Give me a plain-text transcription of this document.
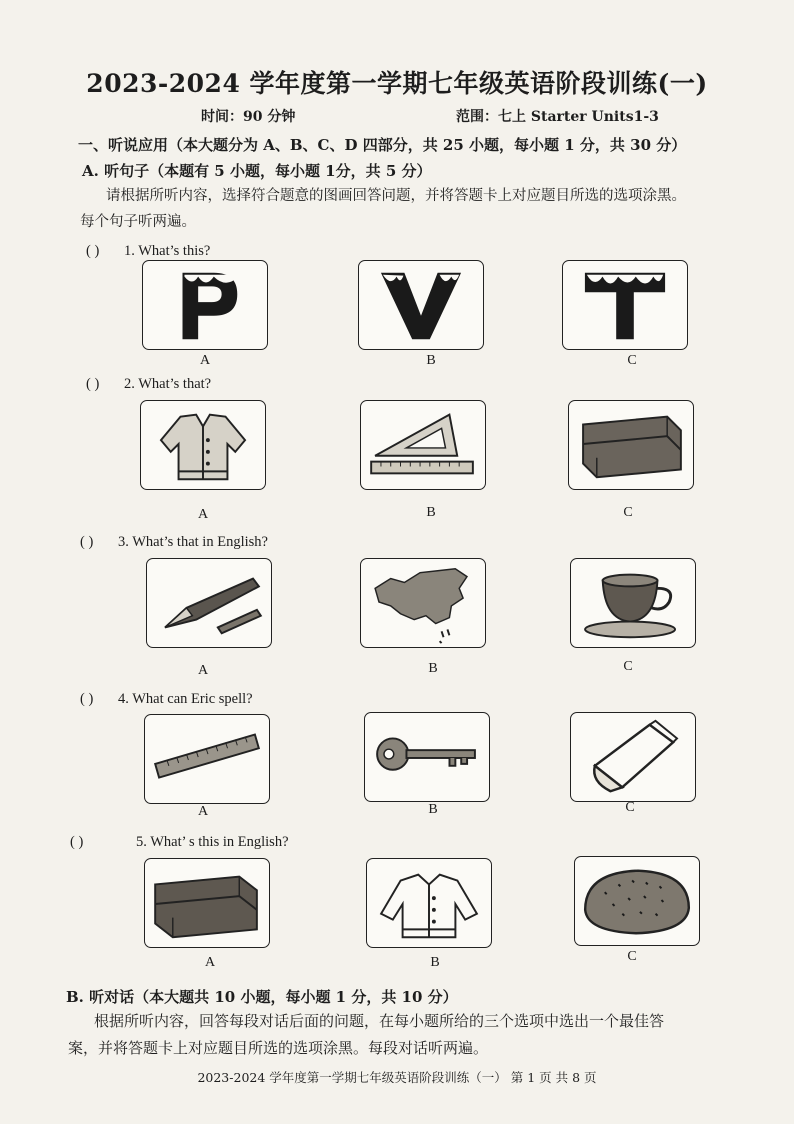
2023-2024 学年度第一学期七年级英语阶段训练(一)
时间：90 分钟	范围：七上 Starter Units1-3
一、听说应用（本大题分为 A、B、C、D 四部分，共 25 小题，每小题 1 分，共 30 分）
A. 听句子（本题有 5 小题，每小题 1分，共 5 分）
请根据所听内容，选择符合题意的图画回答问题，并将答题卡上对应题目所选的选项涂黑。
每个句子听两遍。
( ) 1. What’s this?
A	B	C
( ) 2. What’s that?
A	B	C
( ) 3. What’s that in English?
A	B	C
( ) 4. What can Eric spell?
A	B	C
( )	5. What’ s this in English?
A	B	C
B. 听对话（本大题共 10 小题，每小题 1 分，共 10 分）
根据所听内容，回答每段对话后面的问题，在每小题所给的三个选项中选出一个最佳答
案，并将答题卡上对应题目所选的选项涂黑。每段对话听两遍。
2023-2024 学年度第一学期七年级英语阶段训练（一） 第 1 页 共 8 页
